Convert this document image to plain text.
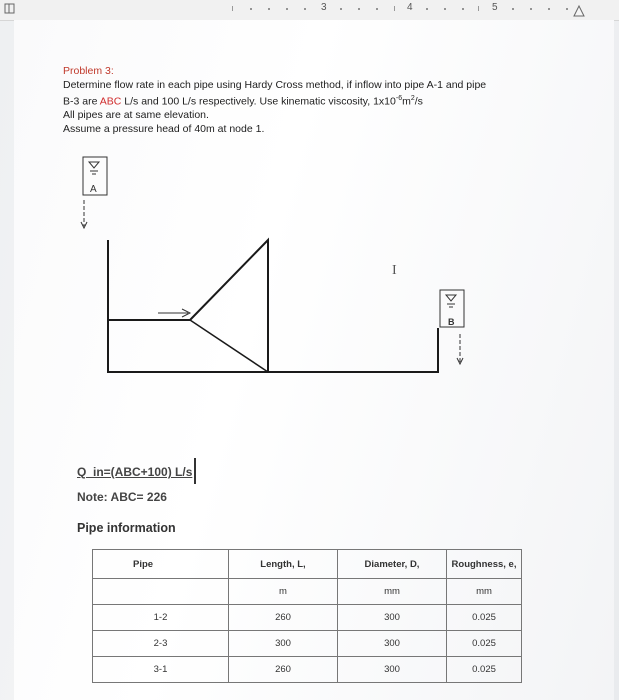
3	4	5
Problem 3:
Determine flow rate in each pipe using Hardy Cross method, if inflow into pipe A-1 and pipe
B-3 are ABC L/s and 100 L/s respectively. Use kinematic viscosity, $1x10^{-6}m^2/s$
All pipes are at same elevation.
Assume a pressure head of 40m at node 1.
A
I
B
Q_in=(ABC+100) L/s
Note: ABC= 226
Pipe information
Pipe	Length, L,	Diameter, D,	Roughness, e,
	m	mm	mm
1-2	260	300	0.025
2-3	300	300	0.025
3-1	260	300	0.025
